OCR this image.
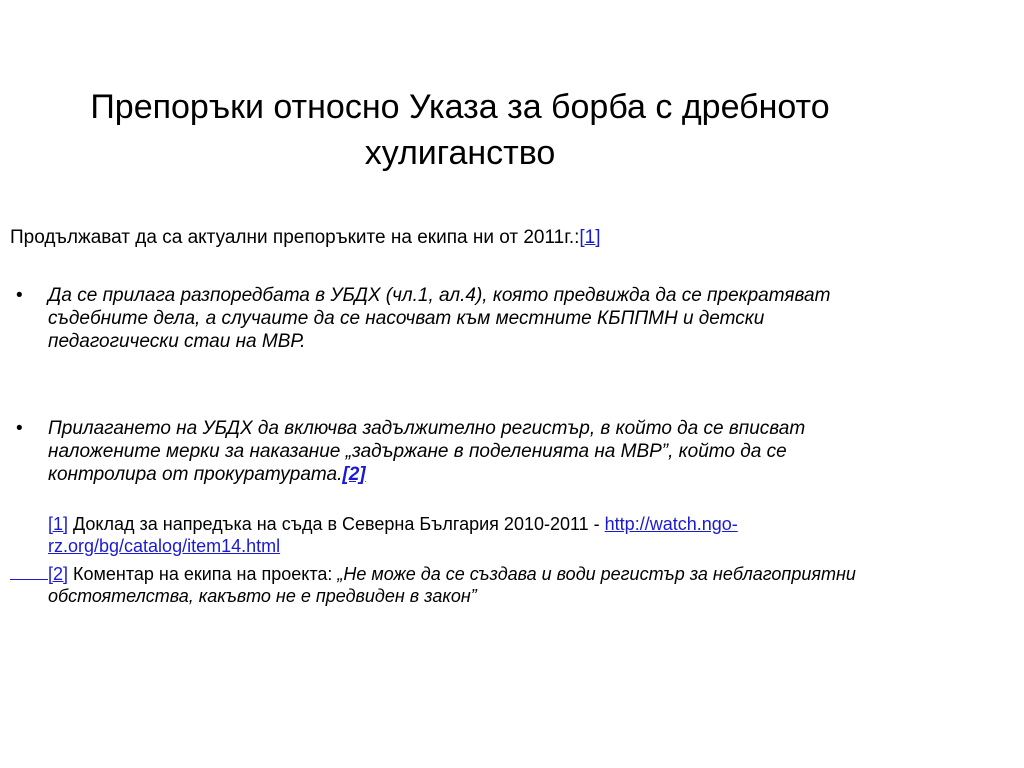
Препоръки относно Указа за борба с дребното хулиганство
Продължават да са актуални препоръките на екипа ни от 2011г.:[1]
• Да се прилага разпоредбата в УБДХ (чл.1, ал.4), която предвижда да се прекратяват съдебните дела, а случаите да се насочват към местните КБППМН и детски педагогически стаи на МВР.
• Прилагането на УБДХ да включва задължително регистър, в който да се вписват наложените мерки за наказание „задържане в поделенията на МВР”, който да се контролира от прокуратурата.[2]
[1] Доклад за напредъка на съда в Северна България 2010-2011 - http://watch.ngo-rz.org/bg/catalog/item14.html
[2] Коментар на екипа на проекта: „Не може да се създава и води регистър за неблагоприятни обстоятелства, какъвто не е предвиден в закон”
